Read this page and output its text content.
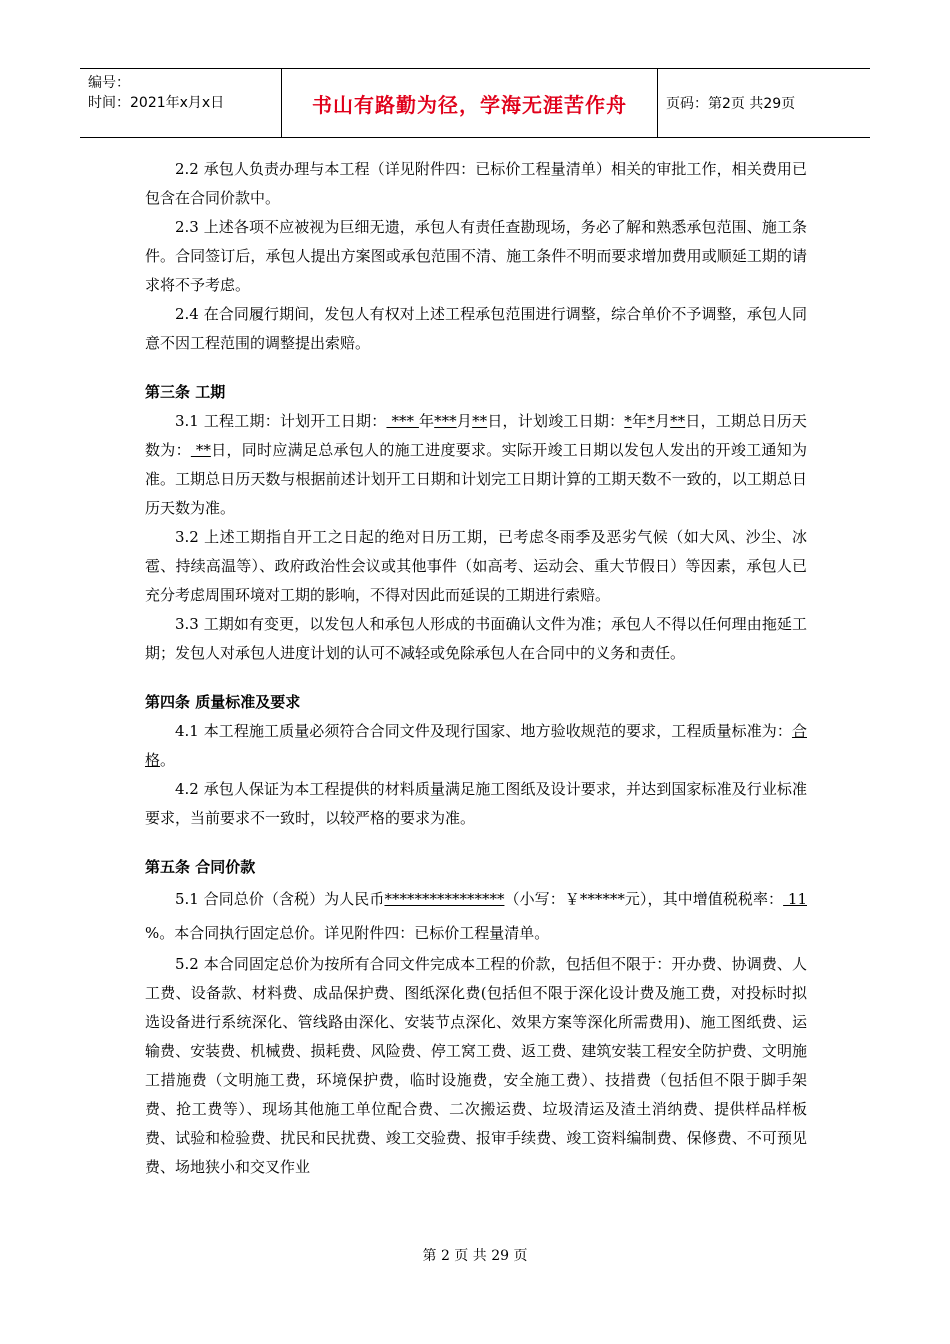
编号：
时间：2021年x月x日	书山有路勤为径，学海无涯苦作舟	页码：第2页 共29页

2.2 承包人负责办理与本工程（详见附件四：已标价工程量清单）相关的审批工作，相关费用已包含在合同价款中。

2.3 上述各项不应被视为巨细无遗，承包人有责任查勘现场，务必了解和熟悉承包范围、施工条件。合同签订后，承包人提出方案图或承包范围不清、施工条件不明而要求增加费用或顺延工期的请求将不予考虑。

2.4 在合同履行期间，发包人有权对上述工程承包范围进行调整，综合单价不予调整，承包人同意不因工程范围的调整提出索赔。

第三条 工期

3.1 工程工期：计划开工日期： *** 年***月**日，计划竣工日期：*年*月**日，工期总日历天数为： **日，同时应满足总承包人的施工进度要求。实际开竣工日期以发包人发出的开竣工通知为准。工期总日历天数与根据前述计划开工日期和计划完工日期计算的工期天数不一致的，以工期总日历天数为准。

3.2 上述工期指自开工之日起的绝对日历工期，已考虑冬雨季及恶劣气候（如大风、沙尘、冰雹、持续高温等）、政府政治性会议或其他事件（如高考、运动会、重大节假日）等因素，承包人已充分考虑周围环境对工期的影响，不得对因此而延误的工期进行索赔。

3.3 工期如有变更，以发包人和承包人形成的书面确认文件为准；承包人不得以任何理由拖延工期；发包人对承包人进度计划的认可不减轻或免除承包人在合同中的义务和责任。

第四条 质量标准及要求

4.1 本工程施工质量必须符合合同文件及现行国家、地方验收规范的要求，工程质量标准为：合格。

4.2 承包人保证为本工程提供的材料质量满足施工图纸及设计要求，并达到国家标准及行业标准要求，当前要求不一致时，以较严格的要求为准。

第五条 合同价款

5.1 合同总价（含税）为人民币****************（小写：￥******元），其中增值税税率： 11 %。本合同执行固定总价。详见附件四：已标价工程量清单。

5.2 本合同固定总价为按所有合同文件完成本工程的价款，包括但不限于：开办费、协调费、人工费、设备款、材料费、成品保护费、图纸深化费(包括但不限于深化设计费及施工费，对投标时拟选设备进行系统深化、管线路由深化、安装节点深化、效果方案等深化所需费用)、施工图纸费、运输费、安装费、机械费、损耗费、风险费、停工窝工费、返工费、建筑安装工程安全防护费、文明施工措施费（文明施工费，环境保护费，临时设施费，安全施工费）、技措费（包括但不限于脚手架费、抢工费等）、现场其他施工单位配合费、二次搬运费、垃圾清运及渣土消纳费、提供样品样板费、试验和检验费、扰民和民扰费、竣工交验费、报审手续费、竣工资料编制费、保修费、不可预见费、场地狭小和交叉作业

第 2 页 共 29 页
